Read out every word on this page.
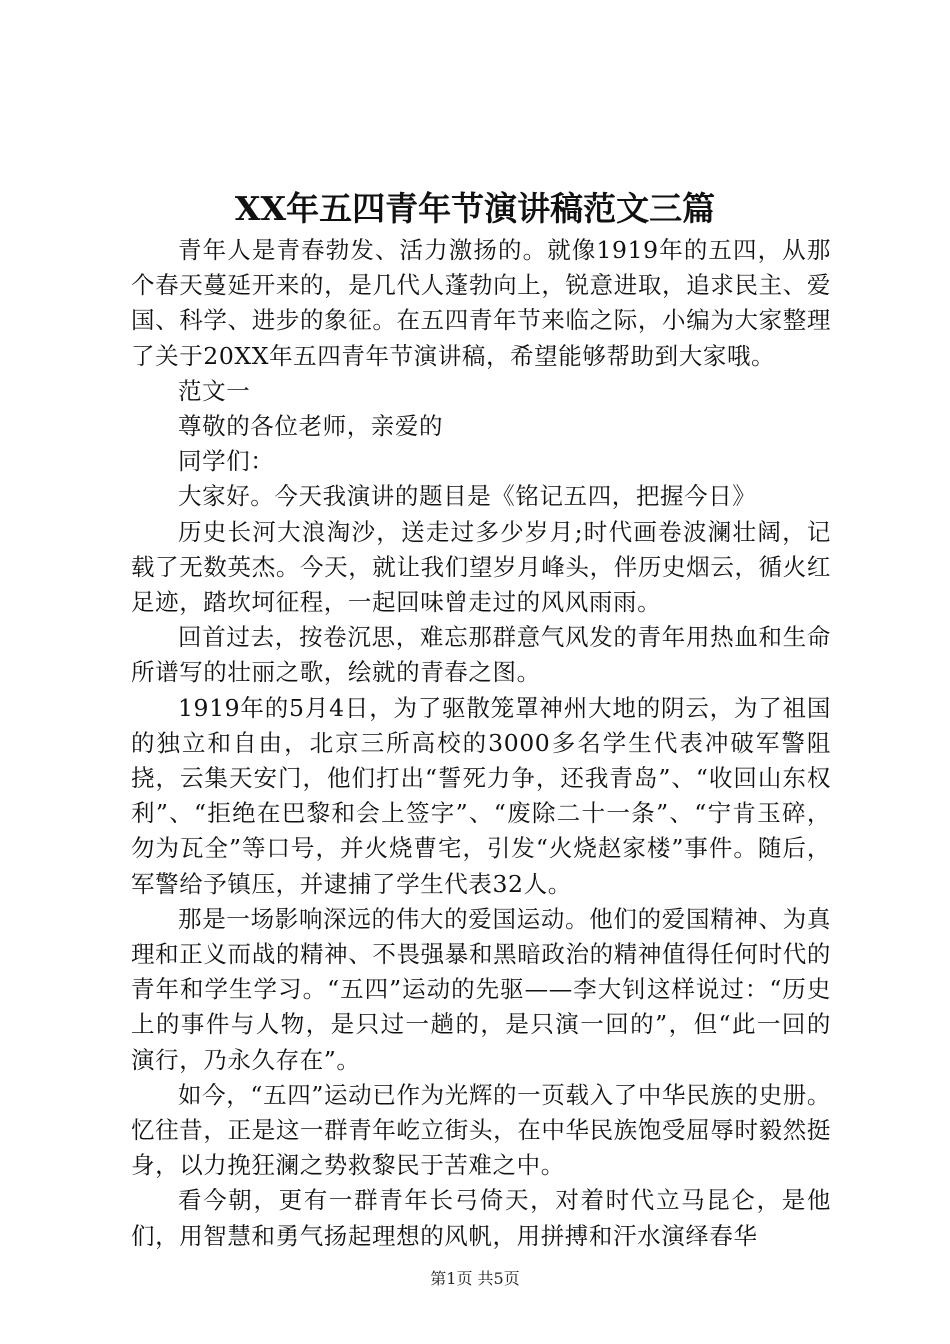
XX年五四青年节演讲稿范文三篇

青年人是青春勃发、活力激扬的。就像1919年的五四，从那个春天蔓延开来的，是几代人蓬勃向上，锐意进取，追求民主、爱国、科学、进步的象征。在五四青年节来临之际，小编为大家整理了关于20XX年五四青年节演讲稿，希望能够帮助到大家哦。

范文一

尊敬的各位老师，亲爱的

同学们：

大家好。今天我演讲的题目是《铭记五四，把握今日》

历史长河大浪淘沙，送走过多少岁月;时代画卷波澜壮阔，记载了无数英杰。今天，就让我们望岁月峰头，伴历史烟云，循火红足迹，踏坎坷征程，一起回味曾走过的风风雨雨。

回首过去，按卷沉思，难忘那群意气风发的青年用热血和生命所谱写的壮丽之歌，绘就的青春之图。

1919年的5月4日，为了驱散笼罩神州大地的阴云，为了祖国的独立和自由，北京三所高校的3000多名学生代表冲破军警阻挠，云集天安门，他们打出“誓死力争，还我青岛”、“收回山东权利”、“拒绝在巴黎和会上签字”、“废除二十一条”、“宁肯玉碎，勿为瓦全”等口号，并火烧曹宅，引发“火烧赵家楼”事件。随后，军警给予镇压，并逮捕了学生代表32人。

那是一场影响深远的伟大的爱国运动。他们的爱国精神、为真理和正义而战的精神、不畏强暴和黑暗政治的精神值得任何时代的青年和学生学习。“五四”运动的先驱——李大钊这样说过：“历史上的事件与人物，是只过一趟的，是只演一回的”，但“此一回的演行，乃永久存在”。

如今，“五四”运动已作为光辉的一页载入了中华民族的史册。忆往昔，正是这一群青年屹立街头，在中华民族饱受屈辱时毅然挺身，以力挽狂澜之势救黎民于苦难之中。

看今朝，更有一群青年长弓倚天，对着时代立马昆仑，是他们，用智慧和勇气扬起理想的风帆，用拼搏和汗水演绎春华

第1页 共5页
